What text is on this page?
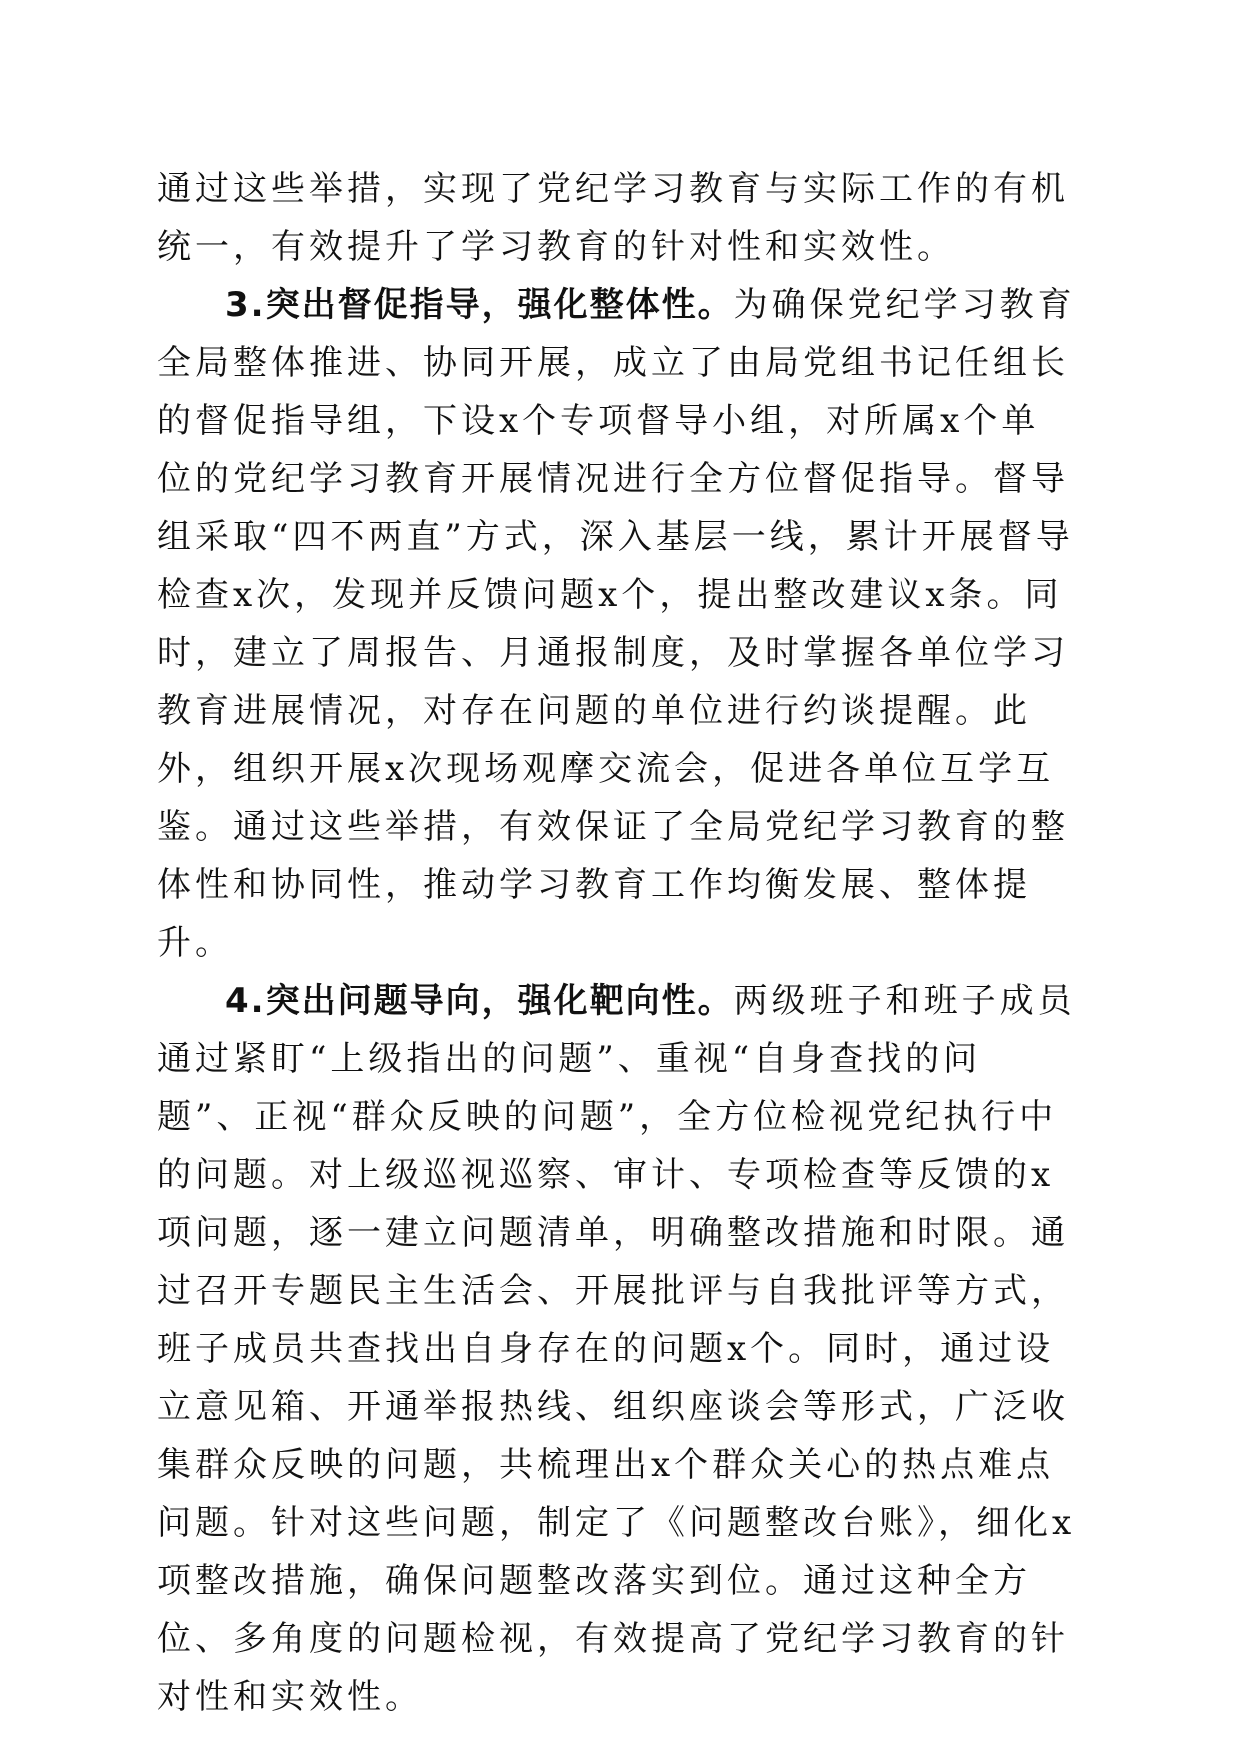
通过这些举措，实现了党纪学习教育与实际工作的有机统一，有效提升了学习教育的针对性和实效性。

3.突出督促指导，强化整体性。为确保党纪学习教育全局整体推进、协同开展，成立了由局党组书记任组长的督促指导组，下设x个专项督导小组，对所属x个单位的党纪学习教育开展情况进行全方位督促指导。督导组采取“四不两直”方式，深入基层一线，累计开展督导检查x次，发现并反馈问题x个，提出整改建议x条。同时，建立了周报告、月通报制度，及时掌握各单位学习教育进展情况，对存在问题的单位进行约谈提醒。此外，组织开展x次现场观摩交流会，促进各单位互学互鉴。通过这些举措，有效保证了全局党纪学习教育的整体性和协同性，推动学习教育工作均衡发展、整体提升。

4.突出问题导向，强化靶向性。两级班子和班子成员通过紧盯“上级指出的问题”、重视“自身查找的问题”、正视“群众反映的问题”，全方位检视党纪执行中的问题。对上级巡视巡察、审计、专项检查等反馈的x项问题，逐一建立问题清单，明确整改措施和时限。通过召开专题民主生活会、开展批评与自我批评等方式，班子成员共查找出自身存在的问题x个。同时，通过设立意见箱、开通举报热线、组织座谈会等形式，广泛收集群众反映的问题，共梳理出x个群众关心的热点难点问题。针对这些问题，制定了《问题整改台账》，细化x项整改措施，确保问题整改落实到位。通过这种全方位、多角度的问题检视，有效提高了党纪学习教育的针对性和实效性。
